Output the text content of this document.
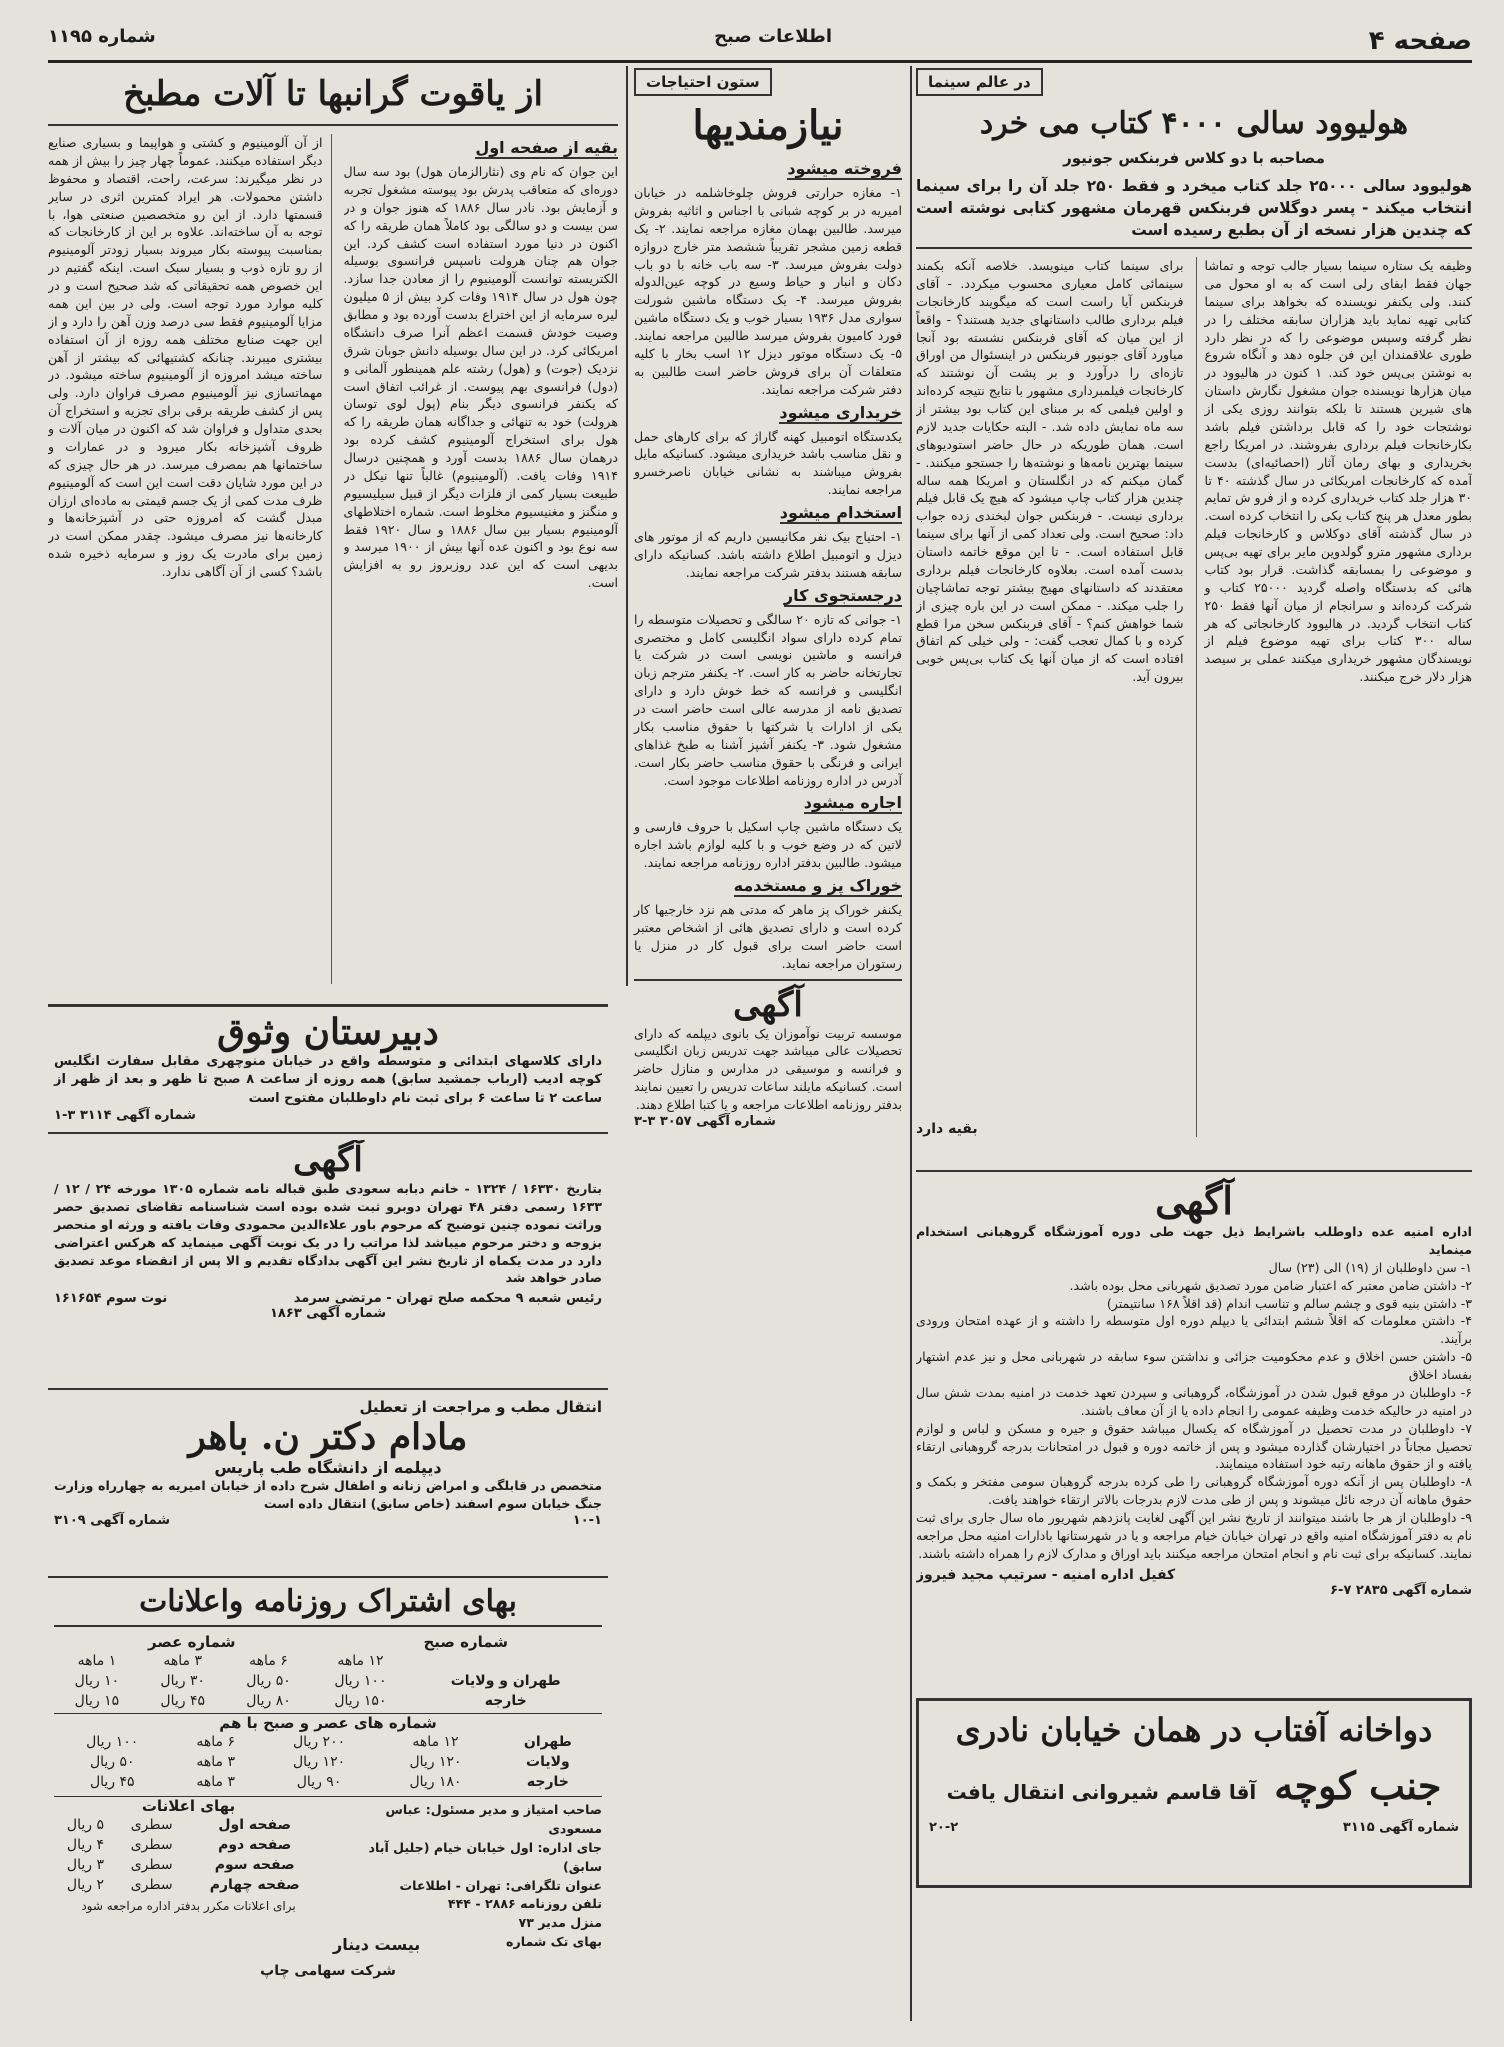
صفحه ۴
اطلاعات صبح
شماره ۱۱۹۵
در عالم سینما
هولیوود سالی ۴۰۰۰ کتاب می خرد
مصاحبه با دو کلاس فربنکس جونیور
هولیوود سالی ۲۵۰۰۰ جلد کتاب میخرد و فقط ۲۵۰ جلد آن را برای سینما انتخاب میکند - پسر دوگلاس فربنکس قهرمان مشهور کتابی نوشته است که چندین هزار نسخه از آن بطبع رسیده است
وظیفه یک ستاره سینما بسیار جالب توجه و تماشا جهان فقط ابفای رلی است که به او محول می کنند. ولی یکنفر نویسنده که بخواهد برای سینما کتابی تهیه نماید باید هزاران سابقه مختلف را در نظر گرفته وسپس موضوعی را که در نظر دارد طوری علاقمندان این فن جلوه دهد و آنگاه شروع به نوشتن بی‌پس خود کند. ۱ کنون در هالیوود در میان هزارها نویسنده جوان مشغول نگارش داستان های شیرین هستند تا بلکه بتوانند روزی یکی از نوشتجات خود را که قابل برداشتن فیلم باشد بکارخانجات فیلم برداری بفروشند. در امریکا راجع بخریداری و بهای رمان آثار (احصائیه‌ای) بدست آمده که کارخانجات امریکائی در سال گذشته ۴۰ تا ۳۰ هزار جلد کتاب خریداری کرده و از فرو ش تمایم بطور معدل هر پنج کتاب یکی را انتخاب کرده است. در سال گذشته آقای دوکلاس و کارخانجات فیلم برداری مشهور مترو گولدوین مایر برای تهیه بی‌پس و موضوعی را بمسابقه گذاشت. قرار بود کتاب هائی که بدستگاه واصله گردید ۲۵۰۰۰ کتاب و شرکت کرده‌اند و سرانجام از میان آنها فقط ۲۵۰ کتاب انتخاب گردید. در هالیوود کارخانجاتی که هر ساله ۳۰۰ کتاب برای تهیه موضوع فیلم از نویسندگان مشهور خریداری میکنند عملی بر سیصد هزار دلار خرج میکنند.
برای سینما کتاب مینویسد. خلاصه آنکه بکمند سینمائی کامل معیاری محسوب میکردد. - آقای فربنکس آیا راست است که میگویند کارخانجات فیلم برداری طالب داستانهای جدید هستند؟ - واقعاً از این میان که آقای فربنکس نشسته بود آنجا میاورد آقای جونیور فربنکس در اینسئوال من اوراق تازه‌ای را درآورد و بر پشت آن نوشتند که کارخانجات فیلمبرداری مشهور با نتایج نتیجه کرده‌اند و اولین فیلمی که بر مبنای این کتاب بود بیشتر از سه ماه نمایش داده شد. - البته حکایات جدید لازم است. همان طوریکه در حال حاضر استودیوهای سینما بهترین نامه‌ها و نوشته‌ها را جستجو میکنند. - گمان میکنم که در انگلستان و امریکا همه ساله چندین هزار کتاب چاپ میشود که هیچ یک قابل فیلم برداری نیست. - فربنکس جوان لبخندی زده جواب داد: صحیح است. ولی تعداد کمی از آنها برای سینما قابل استفاده است. - تا این موقع خاتمه داستان بدست آمده است. بعلاوه کارخانجات فیلم برداری معتقدند که داستانهای مهیج بیشتر توجه تماشاچیان را جلب میکند. - ممکن است در این باره چیزی از شما خواهش کنم؟ - آقای فربنکس سخن مرا قطع کرده و با کمال تعجب گفت: - ولی خیلی کم اتفاق افتاده است که از میان آنها یک کتاب بی‌پس خوبی بیرون آید.
بقیه دارد
آگهی
اداره امنیه عده داوطلب باشرایط ذیل جهت طی دوره آموزشگاه گروهبانی استخدام مینماید
۱- سن داوطلبان از (۱۹) الی (۲۳) سال
۲- داشتن ضامن معتبر که اعتبار ضامن مورد تصدیق شهربانی محل بوده باشد.
۳- داشتن بنیه قوی و چشم سالم و تناسب اندام (قد اقلاً ۱۶۸ سانتیمتر)
۴- داشتن معلومات که اقلاً ششم ابتدائی یا دیپلم دوره اول متوسطه را داشته و از عهده امتحان ورودی برآیند.
۵- داشتن حسن اخلاق و عدم محکومیت جزائی و نداشتن سوء سابقه در شهربانی محل و نیز عدم اشتهار بفساد اخلاق
۶- داوطلبان در موقع قبول شدن در آموزشگاه، گروهبانی و سپردن تعهد خدمت در امنیه بمدت شش سال در امنیه در حالیکه خدمت وظیفه عمومی را انجام داده یا از آن معاف باشند.
۷- داوطلبان در مدت تحصیل در آموزشگاه که یکسال میباشد حقوق و جیره و مسکن و لباس و لوازم تحصیل مجاناً در اختیارشان گذارده میشود و پس از خاتمه دوره و قبول در امتحانات بدرجه گروهبانی ارتقاء یافته و از حقوق ماهانه رتبه خود استفاده مینمایند.
۸- داوطلبان پس از آنکه دوره آموزشگاه گروهبانی را طی کرده بدرجه گروهبان سومی مفتخر و بکمک و حقوق ماهانه آن درجه نائل میشوند و پس از طی مدت لازم بدرجات بالاتر ارتقاء خواهند یافت.
۹- داوطلبان از هر جا باشند میتوانند از تاریخ نشر این آگهی لغایت پانزدهم شهریور ماه سال جاری برای ثبت نام به دفتر آموزشگاه امنیه واقع در تهران خیابان خیام مراجعه و یا در شهرستانها بادارات امنیه محل مراجعه نمایند. کسانیکه برای ثبت نام و انجام امتحان مراجعه میکنند باید اوراق و مدارک لازم را همراه داشته باشند.
کفیل اداره امنیه - سرتیپ مجید فیروز
شماره آگهی ۲۸۳۵ ۷-۶
دواخانه آفتاب در همان خیابان نادری
جنب کوچه
آقا قاسم شیروانی انتقال یافت
شماره آگهی ۳۱۱۵
۲۰-۲
ستون احتیاجات
نیازمندیها
فروخته میشود
۱- مغازه حرارتی فروش چلوخاشلمه در خیابان امیریه در بر کوچه شبانی با اجناس و اثاثیه بفروش میرسد. طالبین بهمان مغازه مراجعه نمایند. ۲- یک قطعه زمین مشجر تقریباً ششصد متر خارج دروازه دولت بفروش میرسد. ۳- سه باب خانه با دو باب دکان و انبار و حیاط وسیع در کوچه عین‌الدوله بفروش میرسد. ۴- یک دستگاه ماشین شورلت سواری مدل ۱۹۳۶ بسیار خوب و یک دستگاه ماشین فورد کامیون بفروش میرسد طالبین مراجعه نمایند. ۵- یک دستگاه موتور دیزل ۱۲ اسب بخار با کلیه متعلقات آن برای فروش حاضر است طالبین به دفتر شرکت مراجعه نمایند.
خریداری میشود
یکدستگاه اتومبیل کهنه گاراژ که برای کارهای حمل و نقل مناسب باشد خریداری میشود. کسانیکه مایل بفروش میباشند به نشانی خیابان ناصرخسرو مراجعه نمایند.
استخدام میشود
۱- احتیاج بیک نفر مکانیسین داریم که از موتور های دیزل و اتومبیل اطلاع داشته باشد. کسانیکه دارای سابقه هستند بدفتر شرکت مراجعه نمایند.
درجستجوی کار
۱- جوانی که تازه ۲۰ سالگی و تحصیلات متوسطه را تمام کرده دارای سواد انگلیسی کامل و مختصری فرانسه و ماشین نویسی است در شرکت یا تجارتخانه حاضر به کار است. ۲- یکنفر مترجم زبان انگلیسی و فرانسه که خط خوش دارد و دارای تصدیق نامه از مدرسه عالی است حاضر است در یکی از ادارات یا شرکتها با حقوق مناسب بکار مشغول شود. ۳- یکنفر آشپز آشنا به طبخ غذاهای ایرانی و فرنگی با حقوق مناسب حاضر بکار است. آدرس در اداره روزنامه اطلاعات موجود است.
اجاره میشود
یک دستگاه ماشین چاپ اسکیل با حروف فارسی و لاتین که در وضع خوب و با کلیه لوازم باشد اجاره میشود. طالبین بدفتر اداره روزنامه مراجعه نمایند.
خوراک پز و مستخدمه
یکنفر خوراک پز ماهر که مدتی هم نزد خارجیها کار کرده است و دارای تصدیق هائی از اشخاص معتبر است حاضر است برای قبول کار در منزل یا رستوران مراجعه نماید.
آگهی
موسسه تربیت نوآموزان یک بانوی دیپلمه که دارای تحصیلات عالی میباشد جهت تدریس زبان انگلیسی و فرانسه و موسیقی در مدارس و منازل حاضر است. کسانیکه مایلند ساعات تدریس را تعیین نمایند بدفتر روزنامه اطلاعات مراجعه و یا کتبا اطلاع دهند.
شماره آگهی ۳۰۵۷ ۳-۳
از یاقوت گرانبها تا آلات مطبخ
بقیه از صفحه اول
این جوان که نام وی (نثارالزمان هول) بود سه سال دوره‌ای که متعاقب پدرش بود پیوسته مشغول تجربه و آزمایش بود. نادر سال ۱۸۸۶ که هنوز جوان و در سن بیست و دو سالگی بود کاملاً همان طریقه را که اکنون در دنیا مورد استفاده است کشف کرد. این جوان هم چنان هرولت ناسپس فرانسوی بوسیله الکتریسته توانست آلومینیوم را از معادن جدا سازد. چون هول در سال ۱۹۱۴ وفات کرد بیش از ۵ میلیون لیره سرمایه از این اختراع بدست آورده بود و مطابق وصیت خودش قسمت اعظم آنرا صرف دانشگاه امریکائی کرد. در این سال بوسیله دانش جوبان شرق نزدیک (جوت) و (هول) رشته علم همینطور آلمانی و (دول) فرانسوی بهم پیوست. از غرائب اتفاق است که یکنفر فرانسوی دیگر بنام (پول لوی توسان هرولت) خود به تنهائی و جداگانه همان طریقه را که هول برای استخراج آلومینیوم کشف کرده بود درهمان سال ۱۸۸۶ بدست آورد و همچنین درسال ۱۹۱۴ وفات یافت. (آلومینیوم) غالباً تنها نیکل در طبیعت بسیار کمی از فلزات دیگر از قبیل سیلیسیوم و منگنز و مغنیسیوم مخلوط است. شماره اختلاطهای آلومینیوم بسیار بین سال ۱۸۸۶ و سال ۱۹۲۰ فقط سه نوع بود و اکنون عده آنها بیش از ۱۹۰۰ میرسد و بدیهی است که این عدد روزبروز رو به افزایش است.
از آن آلومینیوم و کشتی و هواپیما و بسیاری صنایع دیگر استفاده میکنند. عموماً چهار چیز را بیش از همه در نظر میگیرند: سرعت، راحت، اقتصاد و محفوظ داشتن محمولات. هر ایراد کمترین اثری در سایر قسمتها دارد. از این رو متخصصین صنعتی هوا، با توجه به آن ساخته‌اند. علاوه بر این از کارخانجات که بمناسبت پیوسته بکار میروند بسیار زودتر آلومینیوم از رو تازه ذوب و بسیار سبک است. اینکه گفتیم در این خصوص همه تحقیقاتی که شد صحیح است و در کلیه موارد مورد توجه است. ولی در بین این همه مزایا آلومینیوم فقط سی درصد وزن آهن را دارد و از این جهت صنایع مختلف همه روزه از آن استفاده بیشتری میبرند. چنانکه کشتیهائی که بیشتر از آهن ساخته میشد امروزه از آلومینیوم ساخته میشود. در مهماتسازی نیز آلومینیوم مصرف فراوان دارد. ولی پس از کشف طریقه برقی برای تجزیه و استخراج آن بحدی متداول و فراوان شد که اکنون در میان آلات و ظروف آشپزخانه بکار میرود و در عمارات و ساختمانها هم بمصرف میرسد. در هر حال چیزی که در این مورد شایان دقت است این است که آلومینیوم ظرف مدت کمی از یک جسم قیمتی به ماده‌ای ارزان مبدل گشت که امروزه حتی در آشپزخانه‌ها و کارخانه‌ها نیز مصرف میشود. چقدر ممکن است در زمین برای مادرت یک روز و سرمایه ذخیره شده باشد؟ کسی از آن آگاهی ندارد.
دبیرستان وثوق
دارای کلاسهای ابتدائی و متوسطه واقع در خیابان منوچهری مقابل سفارت انگلیس کوچه ادیب (ارباب جمشید سابق) همه روزه از ساعت ۸ صبح تا ظهر و بعد از ظهر از ساعت ۲ تا ساعت ۶ برای ثبت نام داوطلبان مفتوح است
شماره آگهی ۳۱۱۴ ۳-۱
آگهی
بتاریخ ۱۶۳۳۰ / ۱۳۲۴ - خانم دبابه سعودی طبق قباله نامه شماره ۱۳۰۵ مورخه ۲۴ / ۱۲ / ۱۶۳۳ رسمی دفتر ۴۸ تهران دوبرو ثبت شده بوده است شناسنامه تقاضای تصدیق حصر وراثت نموده چنین توضیح که مرحوم باور علاءالدین محمودی وفات یافته و ورثه او منحصر بزوجه و دختر مرحوم میباشد لذا مراتب را در یک نوبت آگهی مینماید که هرکس اعتراضی دارد در مدت یکماه از تاریخ نشر این آگهی بدادگاه تقدیم و الا پس از انقضاء موعد تصدیق صادر خواهد شد
رئیس شعبه ۹ محکمه صلح تهران - مرتضی سرمد
نوت سوم ۱۶۱۶۵۴
شماره آگهی ۱۸۶۳
انتقال مطب و مراجعت از تعطیل
مادام دکتر ن. باهر
دیپلمه از دانشگاه طب پاریس
متخصص در قابلگی و امراض زنانه و اطفال شرح داده از خیابان امیریه به چهارراه وزارت جنگ خیابان سوم اسفند (خاص سابق) انتقال داده است
۱۰-۱
شماره آگهی ۳۱۰۹
بهای اشتراک روزنامه واعلانات
شماره صبح
شماره عصر
	۱۲ ماهه	۶ ماهه	۳ ماهه	۱ ماهه
طهران و ولایات	۱۰۰ ریال	۵۰ ریال	۳۰ ریال	۱۰ ریال
خارجه	۱۵۰ ریال	۸۰ ریال	۴۵ ریال	۱۵ ریال
شماره های عصر و صبح با هم
طهران	۱۲ ماهه	۲۰۰ ریال	۶ ماهه	۱۰۰ ریال
ولایات	۱۲۰ ریال	۱۲۰ ریال	۳ ماهه	۵۰ ریال
خارجه	۱۸۰ ریال	۹۰ ریال	۳ ماهه	۴۵ ریال
صاحب امتیاز و مدیر مسئول: عباس مسعودی
جای اداره: اول خیابان خیام (جلیل آباد سابق)
عنوان تلگرافی: تهران - اطلاعات
تلفن روزنامه ۲۸۸۶ - ۴۴۴
منزل مدیر ۷۳
بهای تک شماره
بیست دینار
بهای اعلانات
صفحه اول	سطری	۵ ریال
صفحه دوم	سطری	۴ ریال
صفحه سوم	سطری	۳ ریال
صفحه چهارم	سطری	۲ ریال
برای اعلانات مکرر بدفتر اداره مراجعه شود
شرکت سهامی چاپ
